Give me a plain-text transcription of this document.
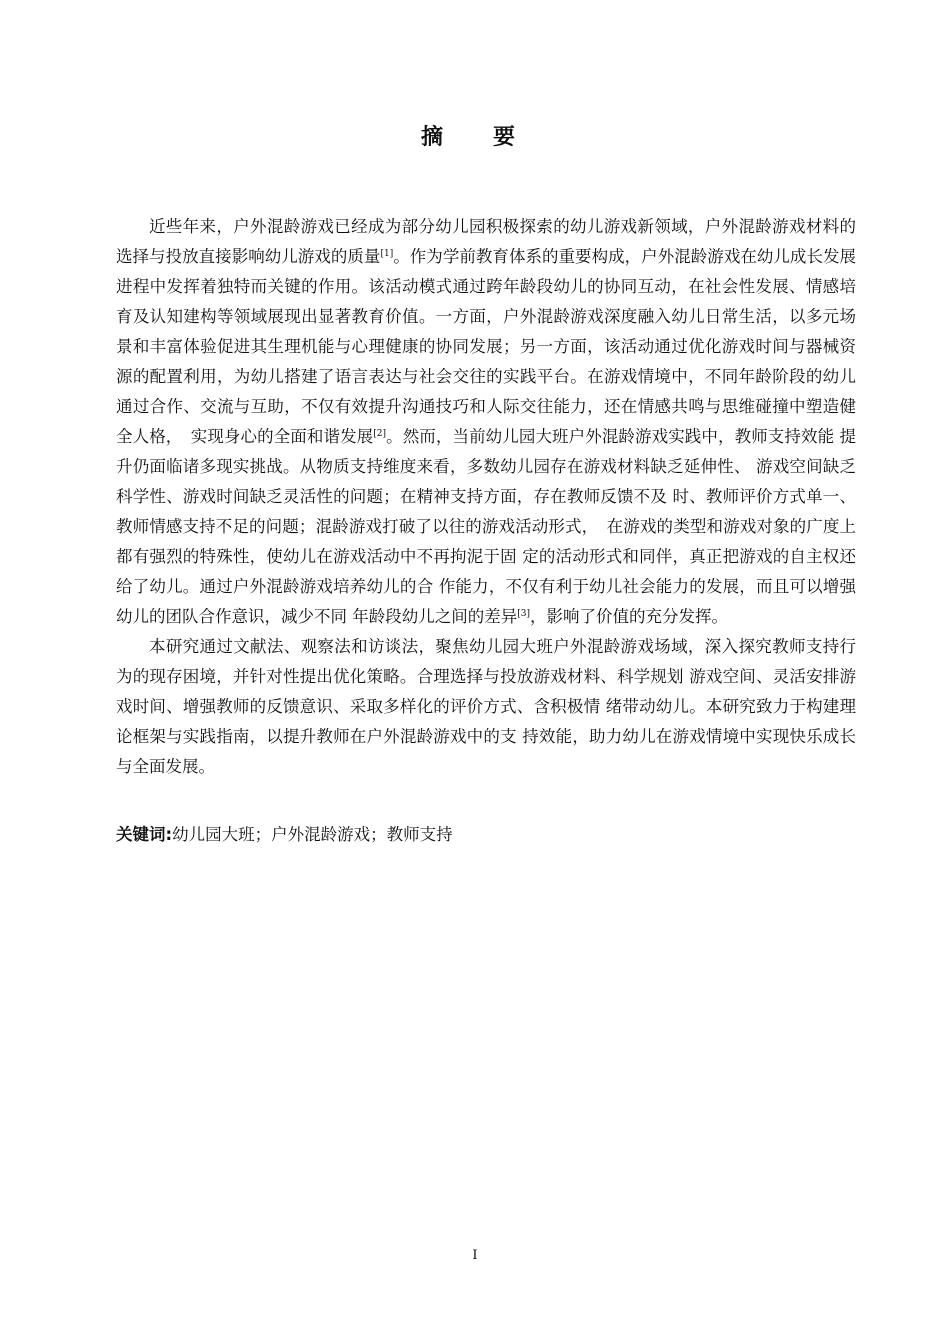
摘　要

近些年来，户外混龄游戏已经成为部分幼儿园积极探索的幼儿游戏新领域，户外混龄游戏材料的选择与投放直接影响幼儿游戏的质量[1]。作为学前教育体系的重要构成，户外混龄游戏在幼儿成长发展进程中发挥着独特而关键的作用。该活动模式通过跨年龄段幼儿的协同互动，在社会性发展、情感培育及认知建构等领域展现出显著教育价值。一方面，户外混龄游戏深度融入幼儿日常生活，以多元场景和丰富体验促进其生理机能与心理健康的协同发展；另一方面，该活动通过优化游戏时间与器械资源的配置利用，为幼儿搭建了语言表达与社会交往的实践平台。在游戏情境中，不同年龄阶段的幼儿通过合作、交流与互助，不仅有效提升沟通技巧和人际交往能力，还在情感共鸣与思维碰撞中塑造健全人格，　实现身心的全面和谐发展[2]。然而，当前幼儿园大班户外混龄游戏实践中，教师支持效能 提升仍面临诸多现实挑战。从物质支持维度来看，多数幼儿园存在游戏材料缺乏延伸性、 游戏空间缺乏科学性、游戏时间缺乏灵活性的问题；在精神支持方面，存在教师反馈不及 时、教师评价方式单一、教师情感支持不足的问题；混龄游戏打破了以往的游戏活动形式，　在游戏的类型和游戏对象的广度上都有强烈的特殊性，使幼儿在游戏活动中不再拘泥于固 定的活动形式和同伴，真正把游戏的自主权还给了幼儿。通过户外混龄游戏培养幼儿的合 作能力，不仅有利于幼儿社会能力的发展，而且可以增强幼儿的团队合作意识，减少不同 年龄段幼儿之间的差异[3]，影响了价值的充分发挥。

本研究通过文献法、观察法和访谈法，聚焦幼儿园大班户外混龄游戏场域，深入探究教师支持行为的现存困境，并针对性提出优化策略。合理选择与投放游戏材料、科学规划 游戏空间、灵活安排游戏时间、增强教师的反馈意识、采取多样化的评价方式、含积极情 绪带动幼儿。本研究致力于构建理论框架与实践指南，以提升教师在户外混龄游戏中的支 持效能，助力幼儿在游戏情境中实现快乐成长与全面发展。

关键词:幼儿园大班；户外混龄游戏；教师支持

I
